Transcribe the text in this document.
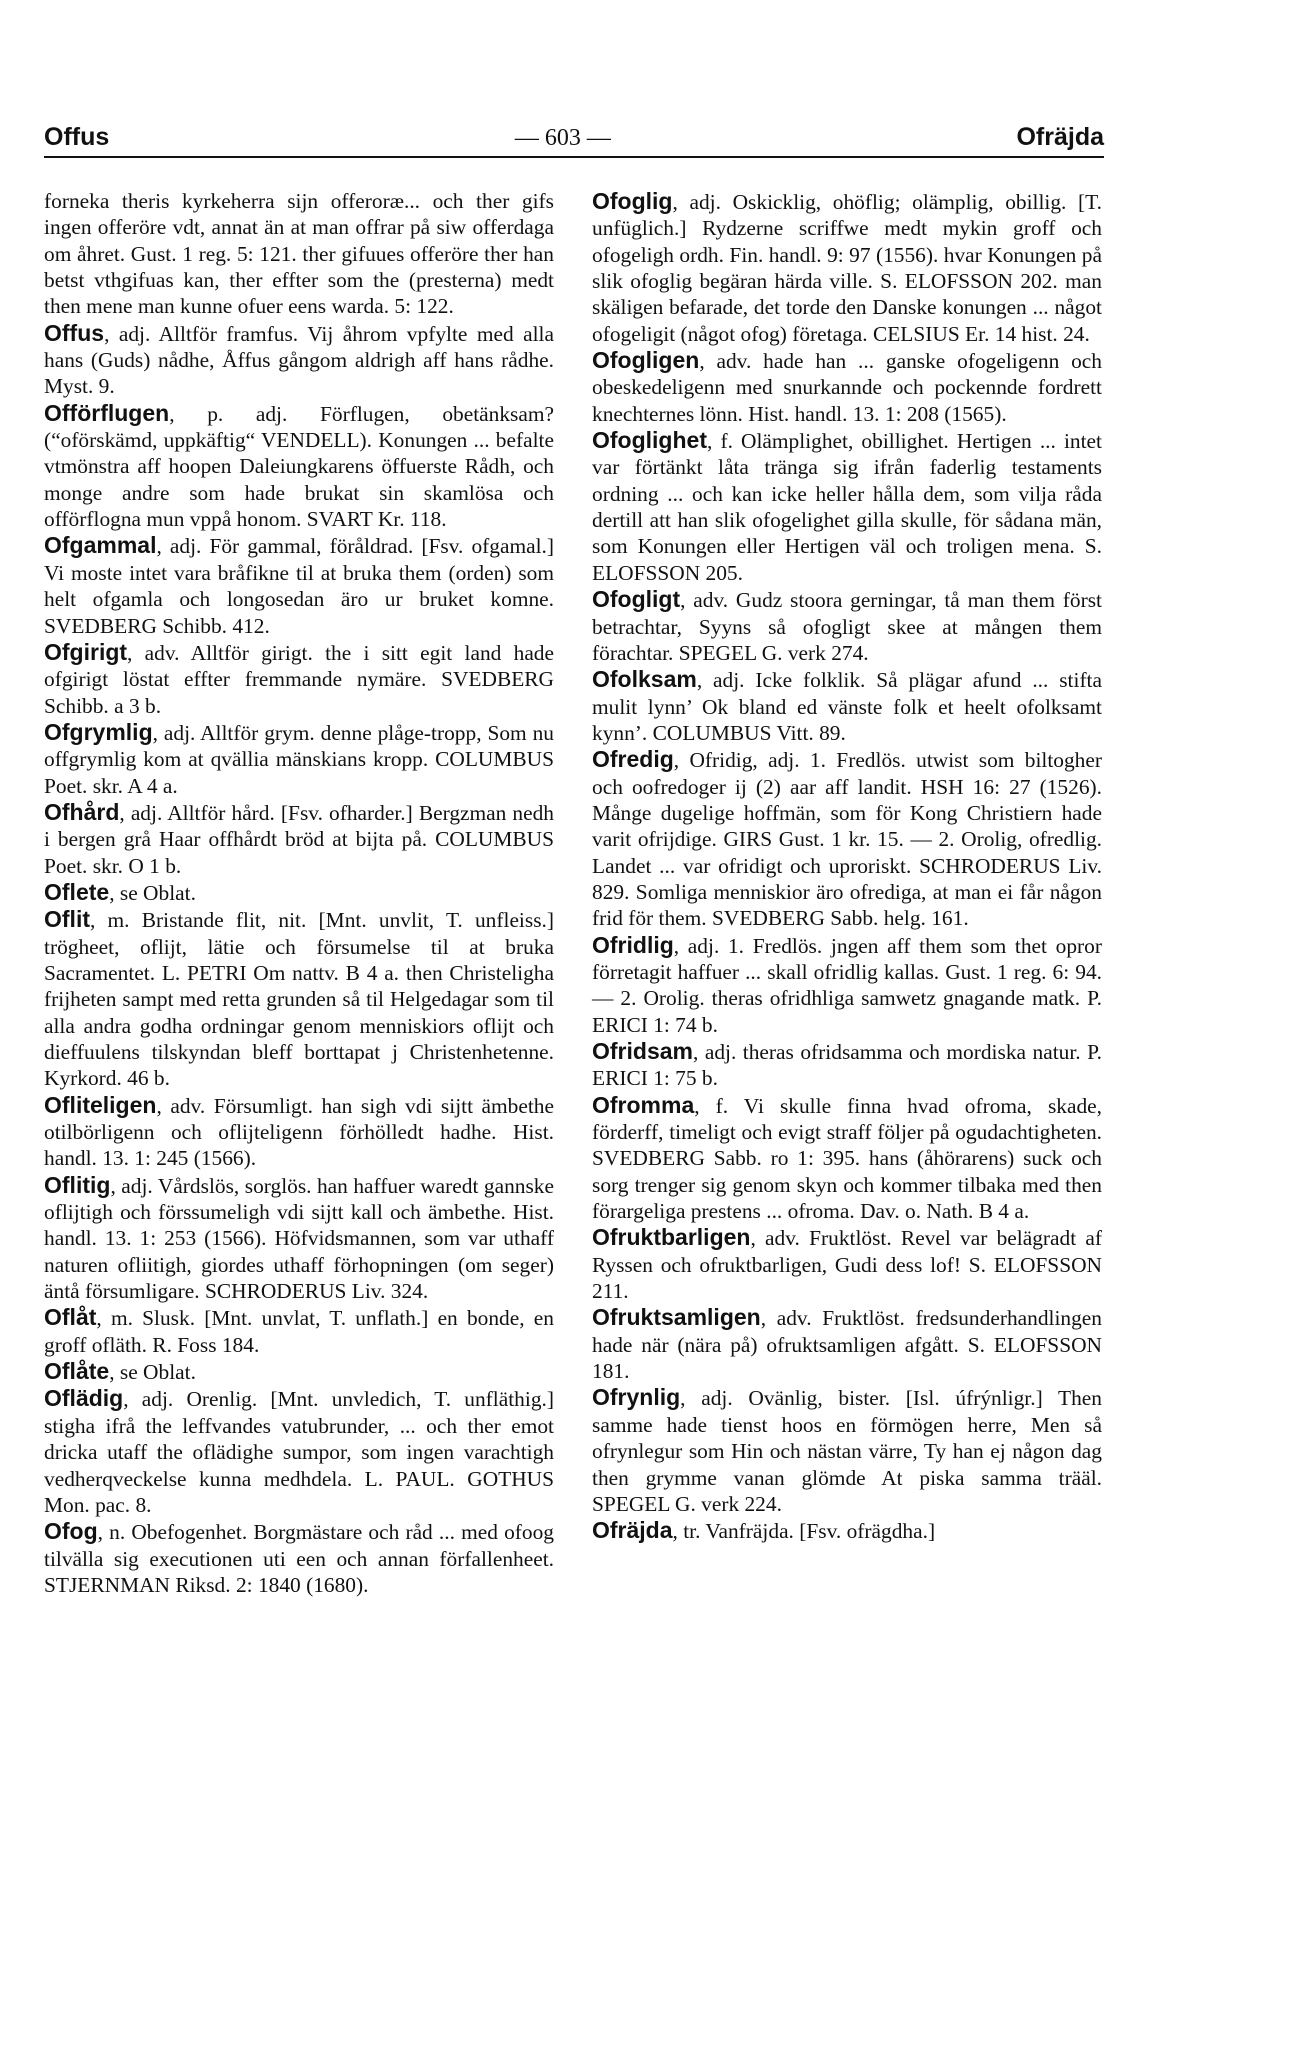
Offus	— 603 —	Ofräjda

forneka theris kyrkeherra sijn offeroræ... och ther gifs ingen offeröre vdt, annat än at man offrar på siw offerdaga om åhret. Gust. 1 reg. 5: 121. ther gifuues offeröre ther han betst vthgifuas kan, ther effter som the (presterna) medt then mene man kunne ofuer eens warda. 5: 122.

Offus, adj. Alltför framfus. Vij åhrom vpfylte med alla hans (Guds) nådhe, Åffus gångom aldrigh aff hans rådhe. Myst. 9.

Offörflugen, p. adj. Förflugen, obetänksam? (“oförskämd, uppkäftig“ VENDELL). Konungen ... befalte vtmönstra aff hoopen Daleiungkarens öffuerste Rådh, och monge andre som hade brukat sin skamlösa och offörflogna mun vppå honom. SVART Kr. 118.

Ofgammal, adj. För gammal, föråldrad. [Fsv. ofgamal.] Vi moste intet vara bråfikne til at bruka them (orden) som helt ofgamla och longosedan äro ur bruket komne. SVEDBERG Schibb. 412.

Ofgirigt, adv. Alltför girigt. the i sitt egit land hade ofgirigt löstat effter fremmande nymäre. SVEDBERG Schibb. a 3 b.

Ofgrymlig, adj. Alltför grym. denne plåge-tropp, Som nu offgrymlig kom at qvällia mänskians kropp. COLUMBUS Poet. skr. A 4 a.

Ofhård, adj. Alltför hård. [Fsv. ofharder.] Bergzman nedh i bergen grå Haar offhårdt bröd at bijta på. COLUMBUS Poet. skr. O 1 b.

Oflete, se Oblat.

Oflit, m. Bristande flit, nit. [Mnt. unvlit, T. unfleiss.] trögheet, oflijt, lätie och försumelse til at bruka Sacramentet. L. PETRI Om nattv. B 4 a. then Christeligha frijheten sampt med retta grunden så til Helgedagar som til alla andra godha ordningar genom menniskiors oflijt och dieffuulens tilskyndan bleff borttapat j Christenhetenne. Kyrkord. 46 b.

Ofliteligen, adv. Försumligt. han sigh vdi sijtt ämbethe otilbörligenn och oflijteligenn förhölledt hadhe. Hist. handl. 13. 1: 245 (1566).

Oflitig, adj. Vårdslös, sorglös. han haffuer waredt gannske oflijtigh och förssumeligh vdi sijtt kall och ämbethe. Hist. handl. 13. 1: 253 (1566). Höfvidsmannen, som var uthaff naturen ofliitigh, giordes uthaff förhopningen (om seger) äntå försumligare. SCHRODERUS Liv. 324.

Oflåt, m. Slusk. [Mnt. unvlat, T. unflath.] en bonde, en groff ofläth. R. Foss 184.

Oflåte, se Oblat.

Oflädig, adj. Orenlig. [Mnt. unvledich, T. unfläthig.] stigha ifrå the leffvandes vatubrunder, ... och ther emot dricka utaff the oflädighe sumpor, som ingen varachtigh vedherqveckelse kunna medhdela. L. PAUL. GOTHUS Mon. pac. 8.

Ofog, n. Obefogenhet. Borgmästare och råd ... med ofoog tilvälla sig executionen uti een och annan förfallenheet. STJERNMAN Riksd. 2: 1840 (1680).

Ofoglig, adj. Oskicklig, ohöflig; olämplig, obillig. [T. unfüglich.] Rydzerne scriffwe medt mykin groff och ofogeligh ordh. Fin. handl. 9: 97 (1556). hvar Konungen på slik ofoglig begäran härda ville. S. ELOFSSON 202. man skäligen befarade, det torde den Danske konungen ... något ofogeligit (något ofog) företaga. CELSIUS Er. 14 hist. 24.

Ofogligen, adv. hade han ... ganske ofogeligenn och obeskedeligenn med snurkannde och pockennde fordrett knechternes lönn. Hist. handl. 13. 1: 208 (1565).

Ofoglighet, f. Olämplighet, obillighet. Hertigen ... intet var förtänkt låta tränga sig ifrån faderlig testaments ordning ... och kan icke heller hålla dem, som vilja råda dertill att han slik ofogelighet gilla skulle, för sådana män, som Konungen eller Hertigen väl och troligen mena. S. ELOFSSON 205.

Ofogligt, adv. Gudz stoora gerningar, tå man them först betrachtar, Syyns så ofogligt skee at mången them förachtar. SPEGEL G. verk 274.

Ofolksam, adj. Icke folklik. Så plägar afund ... stifta mulit lynn’ Ok bland ed vänste folk et heelt ofolksamt kynn’. COLUMBUS Vitt. 89.

Ofredig, Ofridig, adj. 1. Fredlös. utwist som biltogher och oofredoger ij (2) aar aff landit. HSH 16: 27 (1526). Månge dugelige hoffmän, som för Kong Christiern hade varit ofrijdige. GIRS Gust. 1 kr. 15. — 2. Orolig, ofredlig. Landet ... var ofridigt och uproriskt. SCHRODERUS Liv. 829. Somliga menniskior äro ofrediga, at man ei får någon frid för them. SVEDBERG Sabb. helg. 161.

Ofridlig, adj. 1. Fredlös. jngen aff them som thet opror förretagit haffuer ... skall ofridlig kallas. Gust. 1 reg. 6: 94. — 2. Orolig. theras ofridhliga samwetz gnagande matk. P. ERICI 1: 74 b.

Ofridsam, adj. theras ofridsamma och mordiska natur. P. ERICI 1: 75 b.

Ofromma, f. Vi skulle finna hvad ofroma, skade, förderff, timeligt och evigt straff följer på ogudachtigheten. SVEDBERG Sabb. ro 1: 395. hans (åhörarens) suck och sorg trenger sig genom skyn och kommer tilbaka med then förargeliga prestens ... ofroma. Dav. o. Nath. B 4 a.

Ofruktbarligen, adv. Fruktlöst. Revel var belägradt af Ryssen och ofruktbarligen, Gudi dess lof! S. ELOFSSON 211.

Ofruktsamligen, adv. Fruktlöst. fredsunderhandlingen hade när (nära på) ofruktsamligen afgått. S. ELOFSSON 181.

Ofrynlig, adj. Ovänlig, bister. [Isl. úfrýnligr.] Then samme hade tienst hoos en förmögen herre, Men så ofrynlegur som Hin och nästan värre, Ty han ej någon dag then grymme vanan glömde At piska samma trääl. SPEGEL G. verk 224.

Ofräjda, tr. Vanfräjda. [Fsv. ofrägdha.]
